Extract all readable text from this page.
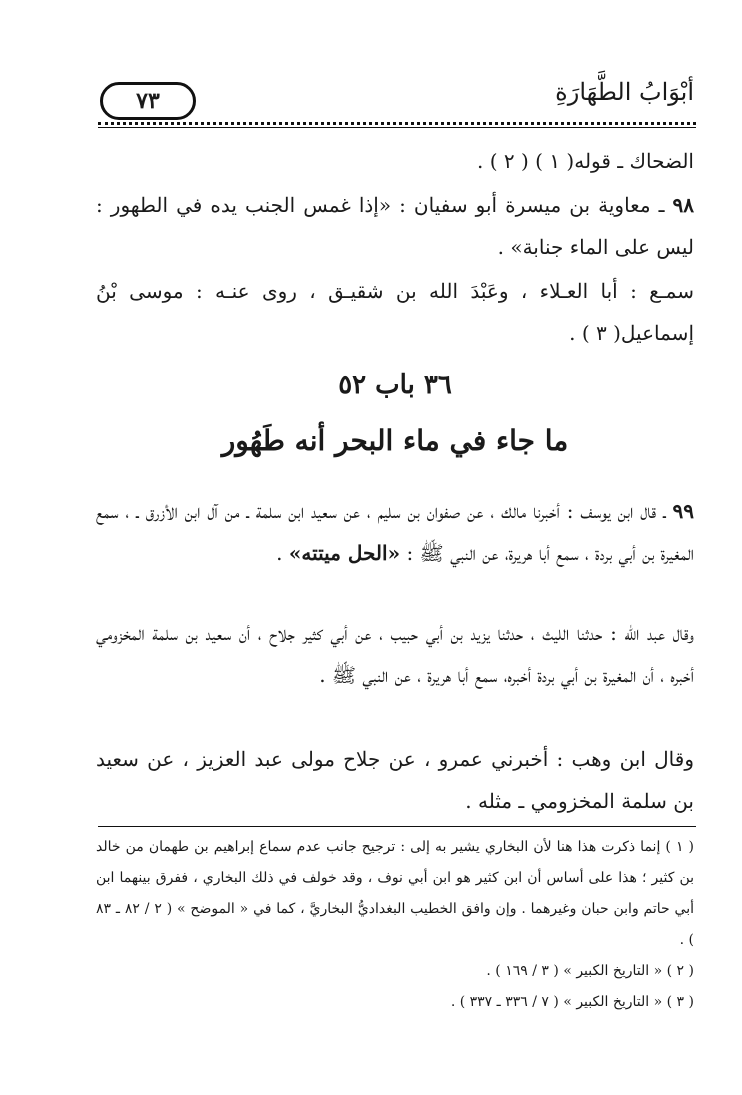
أبْوَابُ الطَّهَارَةِ
٧٣
الضحاك ـ قوله( ١ ) ( ٢ ) .
٩٨ ـ معاوية بن ميسرة أبو سفيان : «إذا غمس الجنب يده في الطهور : ليس على الماء جنابة» .
سمـع : أبا العـلاء ، وعَبْدَ الله بن شقيـق ، روى عنـه : موسى بْنُ إسماعيل( ٣ ) .
٣٦ باب ٥٢
ما جاء في ماء البحر أنه طَهُور
٩٩ ـ قال ابن يوسف : أخبرنا مالك ، عن صفوان بن سليم ، عن سعيد ابن سلمة ـ من آل ابن الأزرق ـ ، سمع المغيرة بن أبي بردة ، سمع أبا هريرة، عن النبي ﷺ : «الحل ميتته» .
وقال عبد الله : حدثنا الليث ، حدثنا يزيد بن أبي حبيب ، عن أبي كثير جلاح ، أن سعيد بن سلمة المخزومي أخبره ، أن المغيرة بن أبي بردة أخبره، سمع أبا هريرة ، عن النبي ﷺ .
وقال ابن وهب : أخبرني عمرو ، عن جلاح مولى عبد العزيز ، عن سعيد بن سلمة المخزومي ـ مثله .
( ١ ) إنما ذكرت هذا هنا لأن البخاري يشير به إلى : ترجيح جانب عدم سماع إبراهيم بن طهمان من خالد بن كثير ؛ هذا على أساس أن ابن كثير هو ابن أبي نوف ، وقد خولف في ذلك البخاري ، ففرق بينهما ابن أبي حاتم وابن حبان وغيرهما . وإن وافق الخطيب البغداديُّ البخاريَّ ، كما في « الموضح » ( ٢ / ٨٢ ـ ٨٣ ) .
( ٢ ) « التاريخ الكبير » ( ٣ / ١٦٩ ) .
( ٣ ) « التاريخ الكبير » ( ٧ / ٣٣٦ ـ ٣٣٧ ) .
